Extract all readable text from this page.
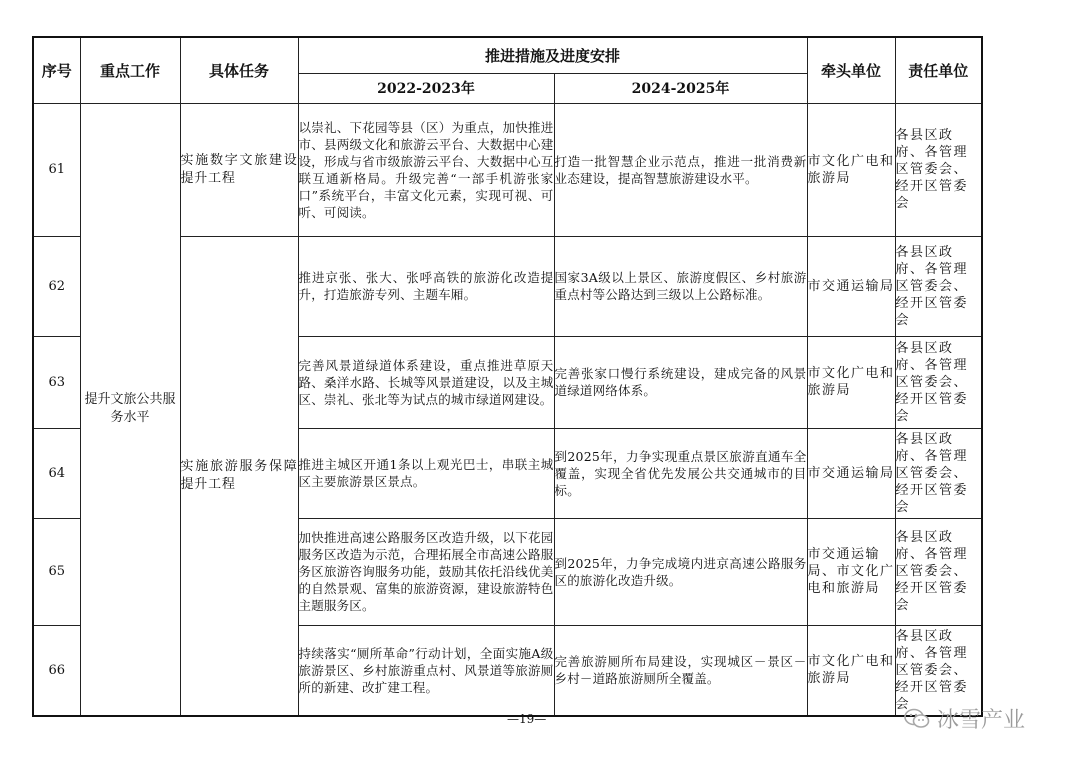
序号	重点工作	具体任务	推进措施及进度安排		牵头单位	责任单位
			2022-2023年	2024-2025年		
61	提升文旅公共服务水平	实施数字文旅建设提升工程	以崇礼、下花园等县（区）为重点，加快推进市、县两级文化和旅游云平台、大数据中心建设，形成与省市级旅游云平台、大数据中心互联互通新格局。升级完善“一部手机游张家口”系统平台，丰富文化元素，实现可视、可听、可阅读。	打造一批智慧企业示范点，推进一批消费新业态建设，提高智慧旅游建设水平。	市文化广电和旅游局	各县区政府、各管理区管委会、经开区管委会
62		实施旅游服务保障提升工程	推进京张、张大、张呼高铁的旅游化改造提升，打造旅游专列、主题车厢。	国家3A级以上景区、旅游度假区、乡村旅游重点村等公路达到三级以上公路标准。	市交通运输局	各县区政府、各管理区管委会、经开区管委会
63			完善风景道绿道体系建设，重点推进草原天路、桑洋水路、长城等风景道建设，以及主城区、崇礼、张北等为试点的城市绿道网建设。	完善张家口慢行系统建设，建成完备的风景道绿道网络体系。	市文化广电和旅游局	各县区政府、各管理区管委会、经开区管委会
64			推进主城区开通1条以上观光巴士，串联主城区主要旅游景区景点。	到2025年，力争实现重点景区旅游直通车全覆盖，实现全省优先发展公共交通城市的目标。	市交通运输局	各县区政府、各管理区管委会、经开区管委会
65			加快推进高速公路服务区改造升级，以下花园服务区改造为示范，合理拓展全市高速公路服务区旅游咨询服务功能，鼓励其依托沿线优美的自然景观、富集的旅游资源，建设旅游特色主题服务区。	到2025年，力争完成境内进京高速公路服务区的旅游化改造升级。	市交通运输局、市文化广电和旅游局	各县区政府、各管理区管委会、经开区管委会
66			持续落实“厕所革命”行动计划，全面实施A级旅游景区、乡村旅游重点村、风景道等旅游厕所的新建、改扩建工程。	完善旅游厕所布局建设，实现城区－景区－乡村－道路旅游厕所全覆盖。	市文化广电和旅游局	各县区政府、各管理区管委会、经开区管委会
—19—	冰雪产业
